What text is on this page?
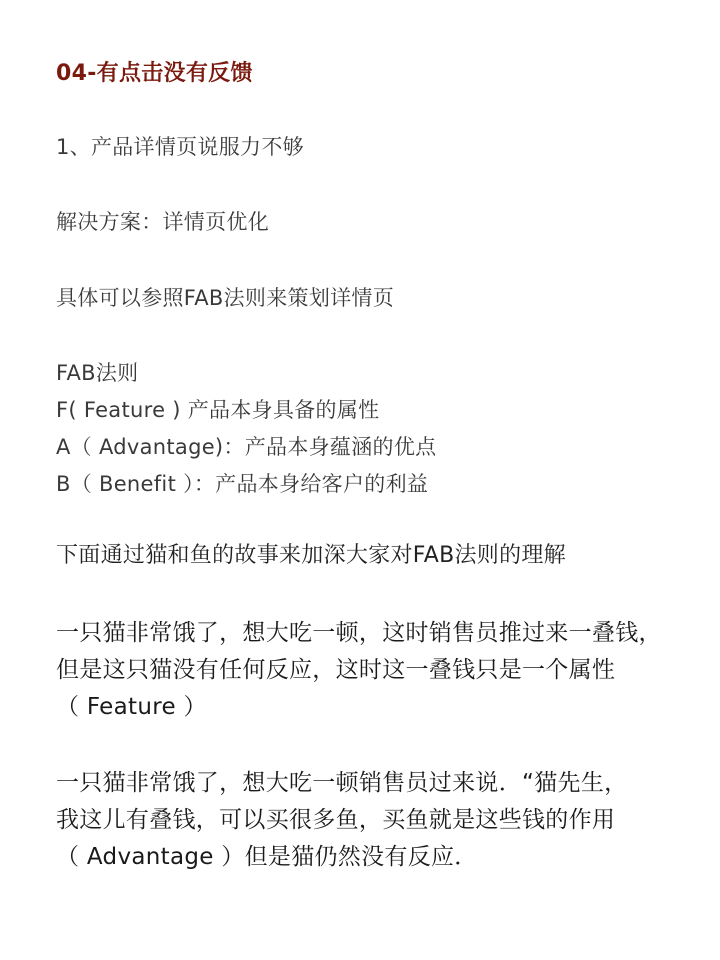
04-有点击没有反馈
1、产品详情页说服力不够
解决方案：详情页优化
具体可以参照FAB法则来策划详情页
FAB法则
F( Feature ) 产品本身具备的属性
A（ Advantage)：产品本身蕴涵的优点
B（ Benefit ）：产品本身给客户的利益
下面通过猫和鱼的故事来加深大家对FAB法则的理解
一只猫非常饿了，想大吃一顿，这时销售员推过来一叠钱，
但是这只猫没有任何反应，这时这一叠钱只是一个属性
（ Feature ）
一只猫非常饿了，想大吃一顿销售员过来说．“猫先生，
我这儿有叠钱，可以买很多鱼，买鱼就是这些钱的作用
（ Advantage ）但是猫仍然没有反应．
